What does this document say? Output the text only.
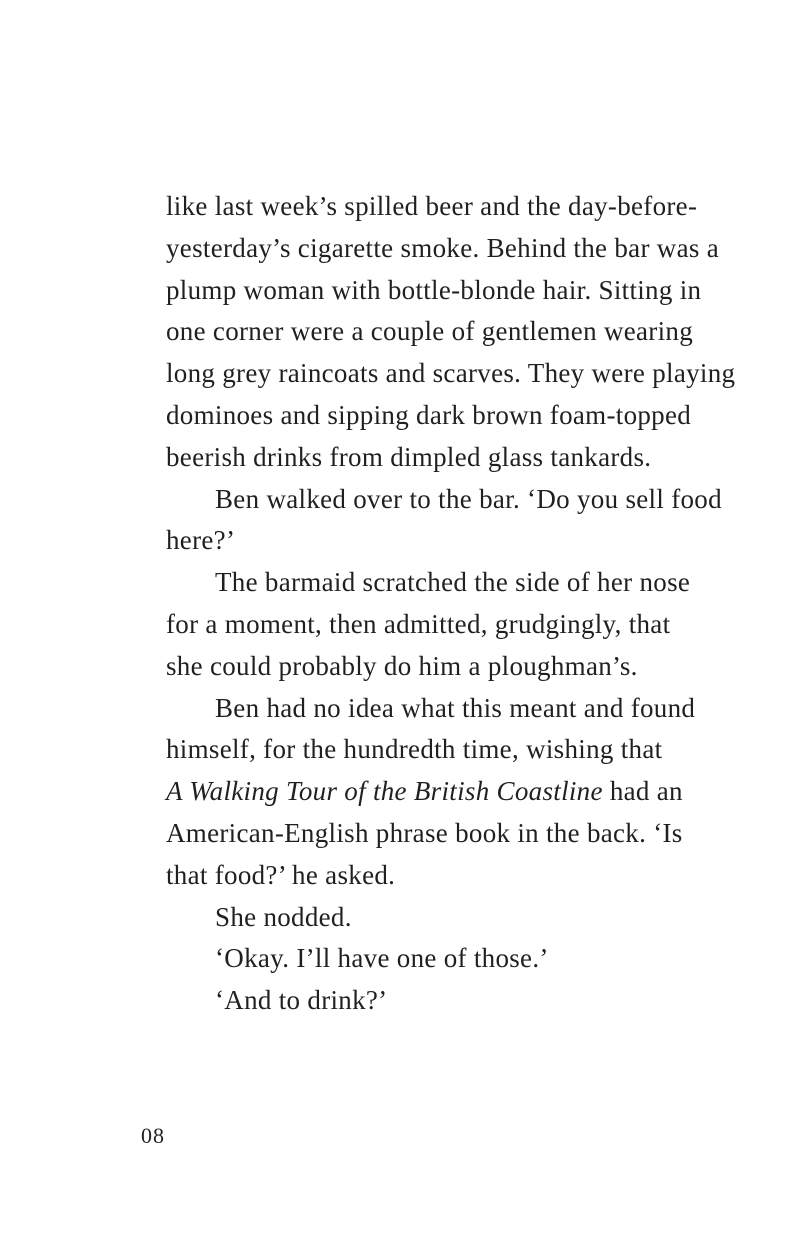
like last week’s spilled beer and the day-before-
yesterday’s cigarette smoke. Behind the bar was a
plump woman with bottle-blonde hair. Sitting in
one corner were a couple of gentlemen wearing
long grey raincoats and scarves. They were playing
dominoes and sipping dark brown foam-topped
beerish drinks from dimpled glass tankards.
Ben walked over to the bar. ‘Do you sell food
here?’
The barmaid scratched the side of her nose
for a moment, then admitted, grudgingly, that
she could probably do him a ploughman’s.
Ben had no idea what this meant and found
himself, for the hundredth time, wishing that
A Walking Tour of the British Coastline had an
American-English phrase book in the back. ‘Is
that food?’ he asked.
She nodded.
‘Okay. I’ll have one of those.’
‘And to drink?’
08
